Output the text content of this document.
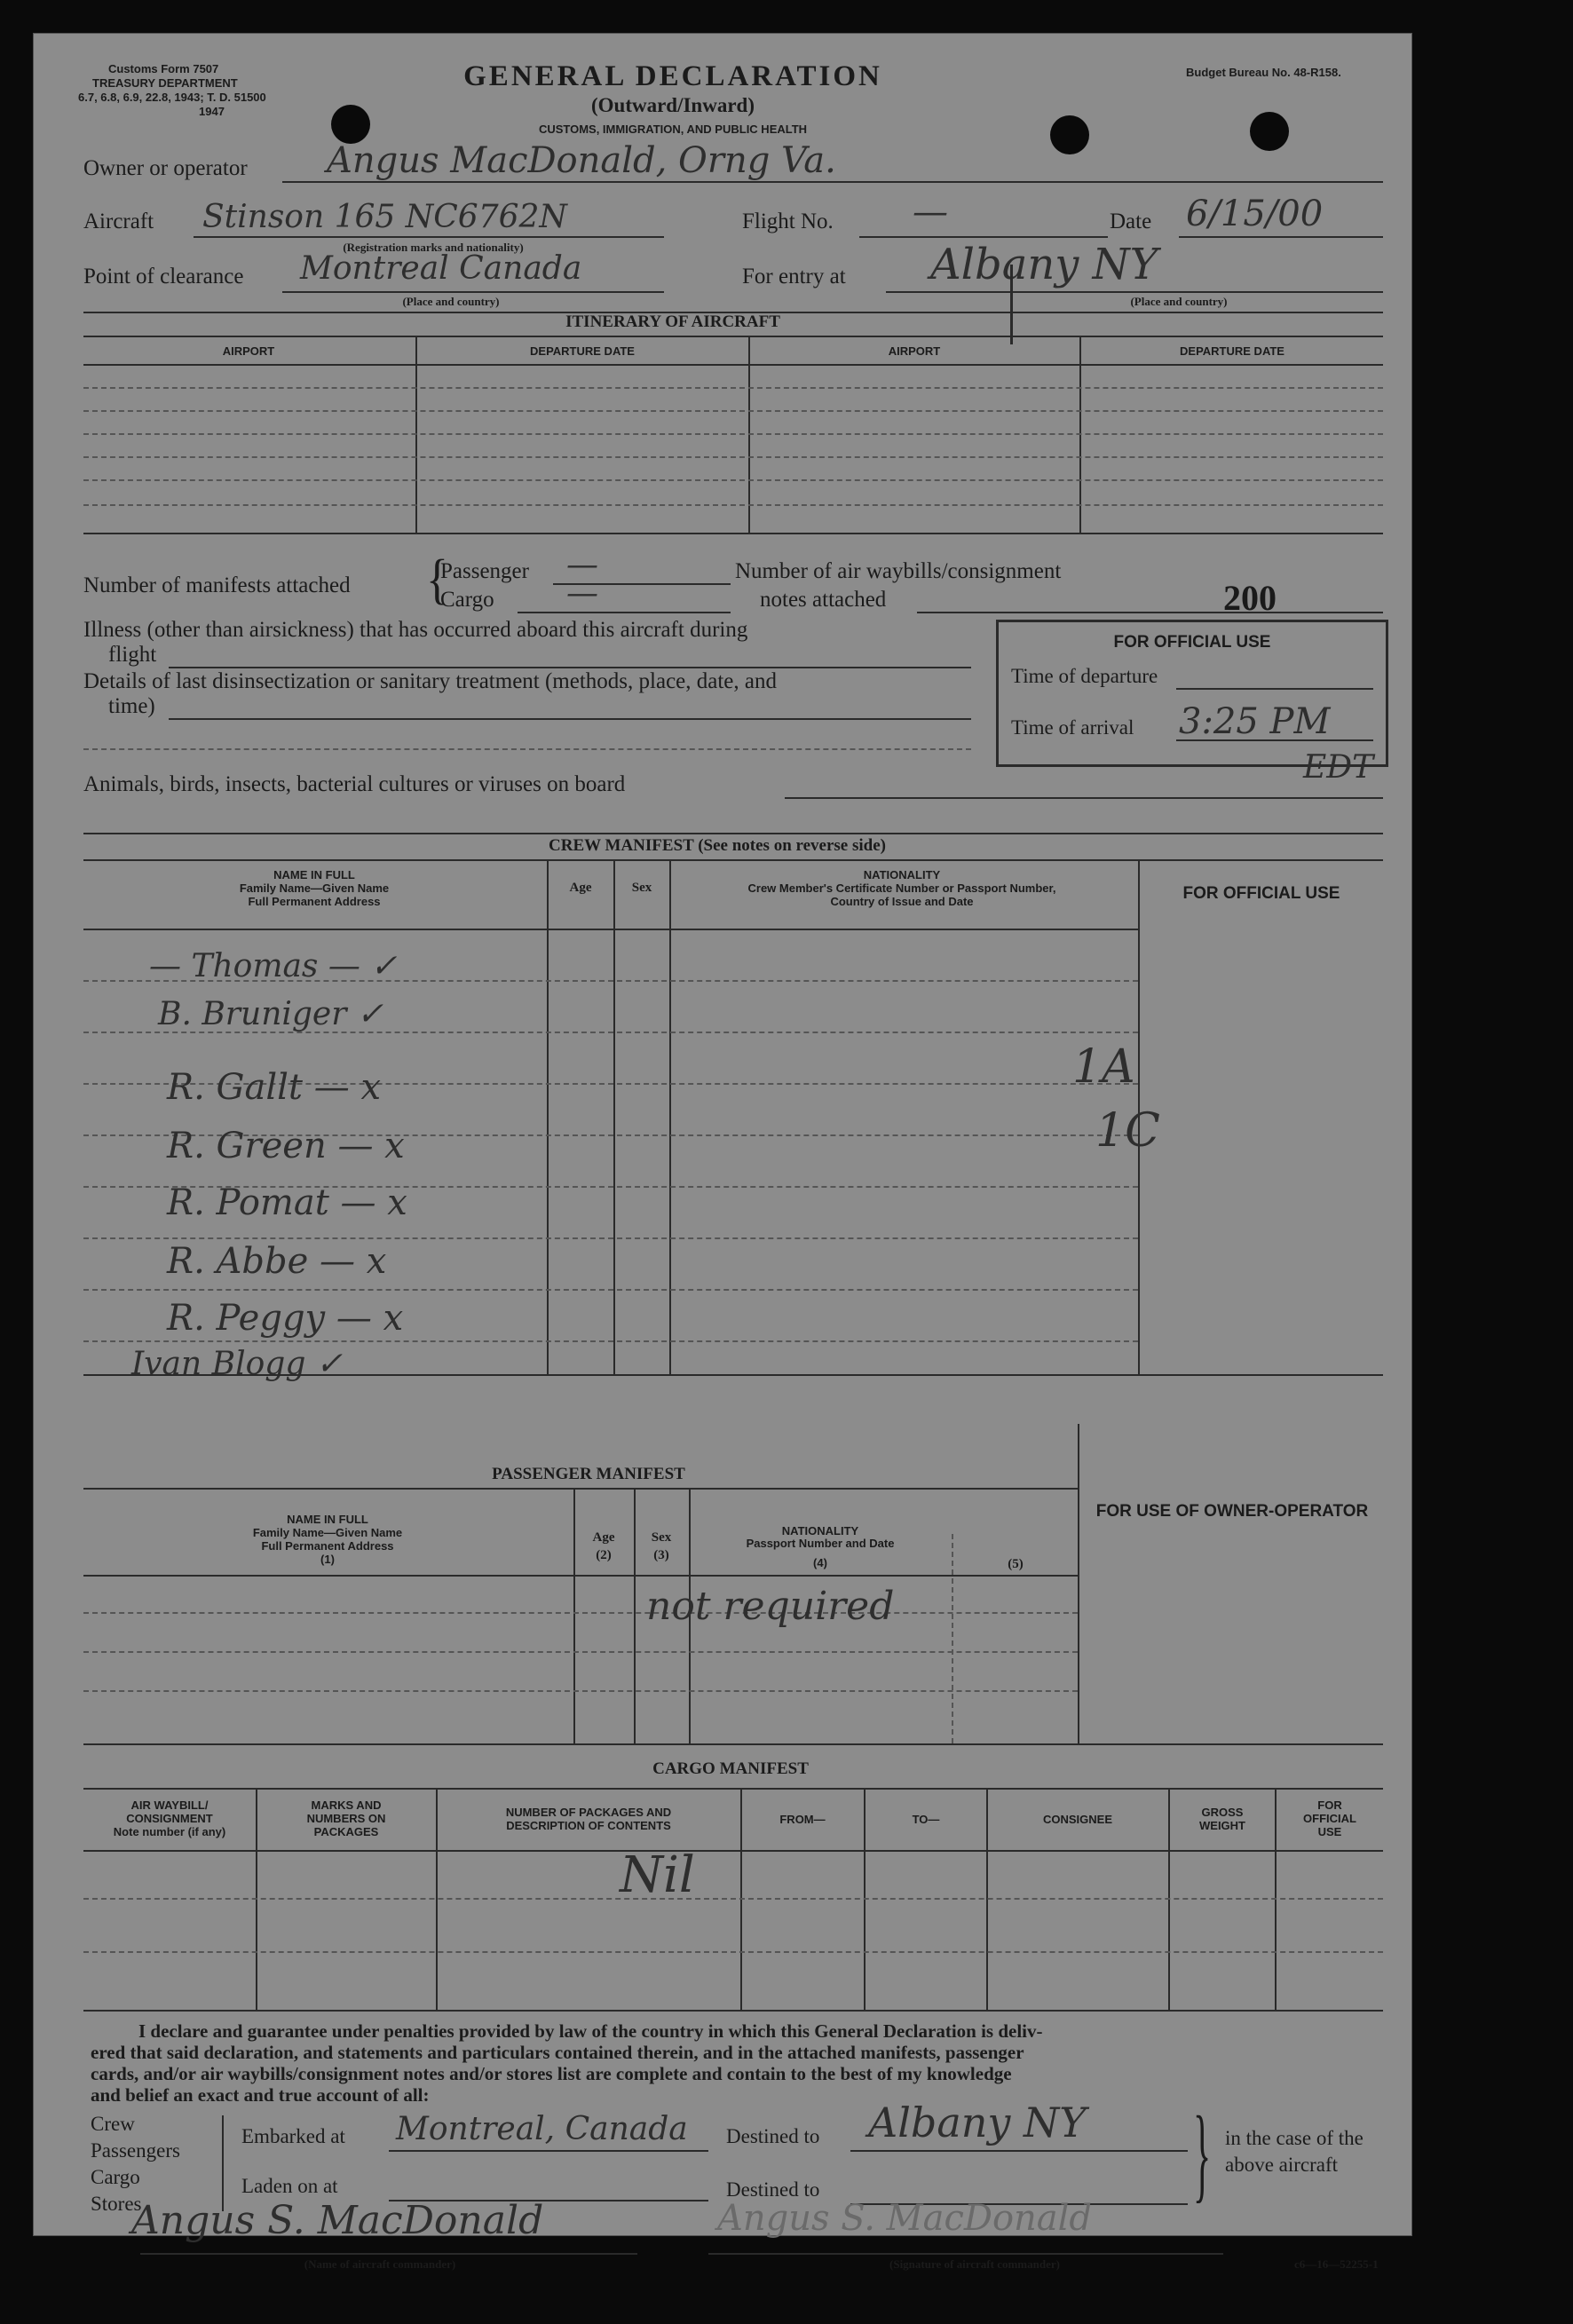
Customs Form 7507
TREASURY DEPARTMENT
6.7, 6.8, 6.9, 22.8, 1943; T. D. 51500
1947
GENERAL DECLARATION
(Outward/Inward)
CUSTOMS, IMMIGRATION, AND PUBLIC HEALTH
Budget Bureau No. 48-R158.
Owner or operator Angus MacDonald, Orng Va.
Aircraft Stinson 165 NC6762N
(Registration marks and nationality)
Flight No. —	Date 6/15/00
Point of clearance Montreal Canada
(Place and country)
For entry at Albany NY
(Place and country)
ITINERARY OF AIRCRAFT
AIRPORT	DEPARTURE DATE	AIRPORT	DEPARTURE DATE
Number of manifests attached {
Passenger
Cargo
—
—
Number of air waybills/consignment
notes attached	200
Illness (other than airsickness) that has occurred aboard this aircraft during
flight
Details of last disinsectization or sanitary treatment (methods, place, date, and
time)
Animals, birds, insects, bacterial cultures or viruses on board
FOR OFFICIAL USE
Time of departure
Time of arrival 3:25 PM
EDT
CREW MANIFEST (See notes on reverse side)
NAME IN FULL
Family Name—Given Name
Full Permanent Address
Age	Sex
NATIONALITY
Crew Member's Certificate Number or Passport Number,
Country of Issue and Date	FOR OFFICIAL USE
— Thomas — ✓
B. Bruniger ✓
R. Gallt — x
R. Green — x
R. Pomat — x
R. Abbe — x
R. Peggy — x
Ivan Blogg ✓
1A
1C
PASSENGER MANIFEST
FOR USE OF OWNER-OPERATOR
NAME IN FULL
Family Name—Given Name
Full Permanent Address
(1)
Age
(2)
Sex
(3)
NATIONALITY
Passport Number and Date
(4)	(5)
not required
CARGO MANIFEST
AIR WAYBILL/
CONSIGNMENT
Note number (if any)
MARKS AND
NUMBERS ON
PACKAGES
NUMBER OF PACKAGES AND
DESCRIPTION OF CONTENTS	FROM—	TO—	CONSIGNEE
GROSS
WEIGHT
FOR
OFFICIAL
USE
Nil
I declare and guarantee under penalties provided by law of the country in which this General Declaration is deliv-
ered that said declaration, and statements and particulars contained therein, and in the attached manifests, passenger
cards, and/or air waybills/consignment notes and/or stores list are complete and contain to the best of my knowledge
and belief an exact and true account of all:
Crew
Passengers
Cargo
Stores
Embarked at Montreal, Canada Destined to Albany NY
Laden on at	Destined to	} in the case of the
above aircraft
Angus S. MacDonald	Angus S. MacDonald
(Name of aircraft commander)	(Signature of aircraft commander)	c6—16—52255-1
